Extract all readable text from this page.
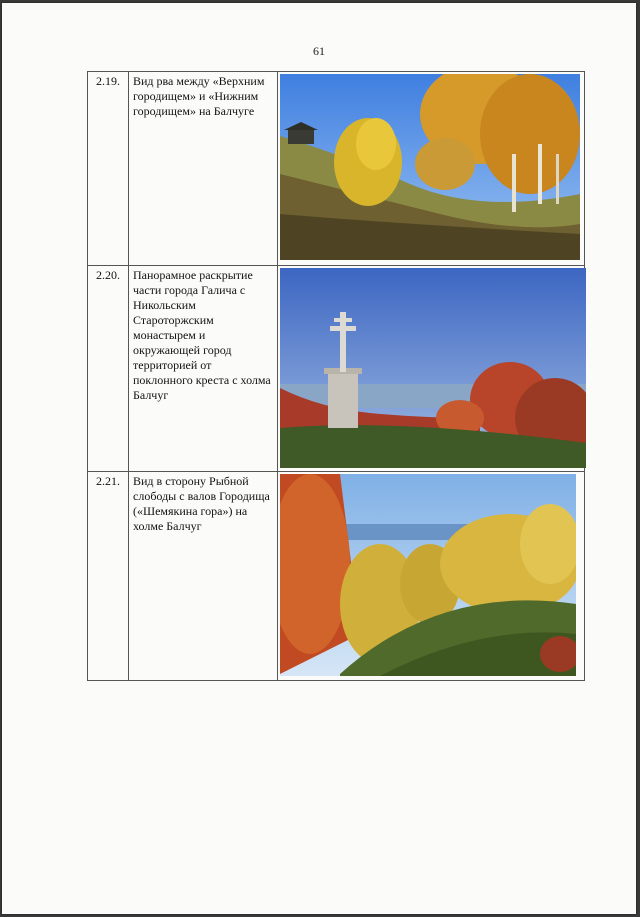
61
2.19.	Вид рва между «Верхним городищем» и «Нижним городищем» на Балчуге	

2.20.	Панорамное раскрытие части города Галича с Никольским Староторжским монастырем и окружающей город территорией от поклонного креста с холма Балчуг	

2.21.	Вид в сторону Рыбной слободы с валов Городища («Шемякина гора») на холме Балчуг	
